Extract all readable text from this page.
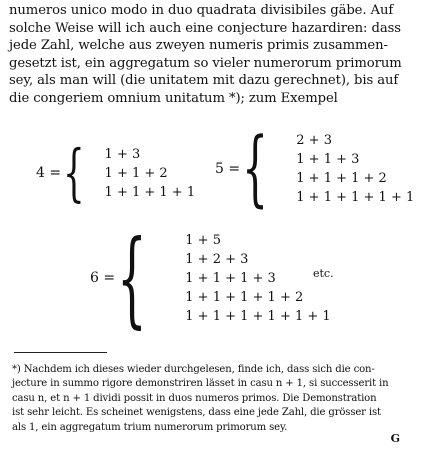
numeros unico modo in duo quadrata divisibiles gäbe. Auf
solche Weise will ich auch eine conjecture hazardiren: dass
jede Zahl, welche aus zweyen numeris primis zusammen-
gesetzt ist, ein aggregatum so vieler numerorum primorum
sey, als man will (die unitatem mit dazu gerechnet), bis auf
die congeriem omnium unitatum *); zum Exempel
4 = { 1 + 3
1 + 1 + 2
1 + 1 + 1 + 1
5 = { 2 + 3
1 + 1 + 3
1 + 1 + 1 + 2
1 + 1 + 1 + 1 + 1
6 = {	1 + 5
1 + 2 + 3
1 + 1 + 1 + 3
1 + 1 + 1 + 1 + 2
1 + 1 + 1 + 1 + 1 + 1
etc.
*) Nachdem ich dieses wieder durchgelesen, finde ich, dass sich die con-
jecture in summo rigore demonstriren lässet in casu n + 1, si successerit in
casu n, et n + 1 dividi possit in duos numeros primos. Die Demonstration
ist sehr leicht. Es scheinet wenigstens, dass eine jede Zahl, die grösser ist
als 1, ein aggregatum trium numerorum primorum sey.
G
